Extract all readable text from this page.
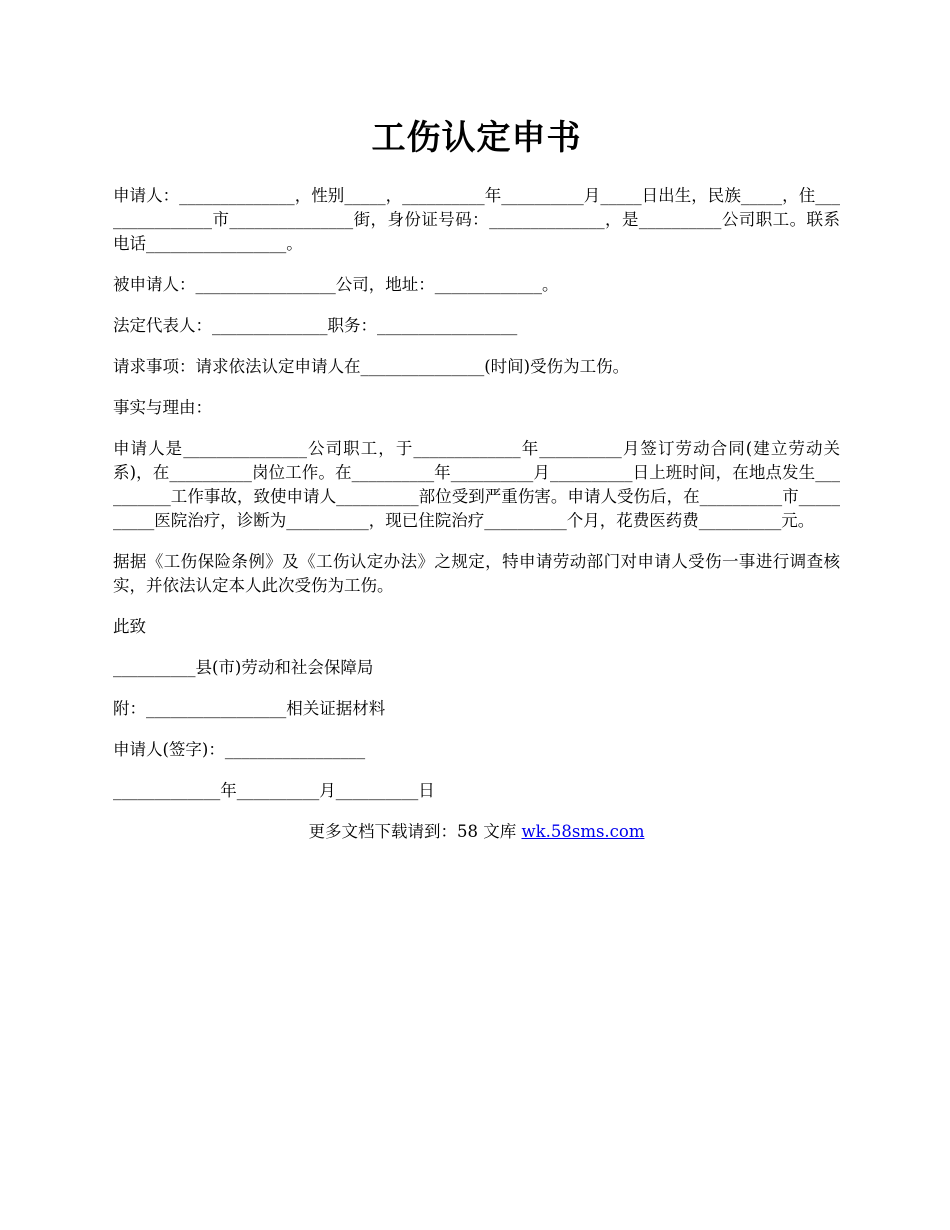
工伤认定申书

申请人：______________，性别_____，__________年__________月_____日出生，民族_____，住_______________市_______________街，身份证号码：______________，是__________公司职工。联系电话_________________。

被申请人：_________________公司，地址：_____________。

法定代表人：______________职务：_________________

请求事项：请求依法认定申请人在_______________(时间)受伤为工伤。

事实与理由：

申请人是_______________公司职工，于_____________年__________月签订劳动合同(建立劳动关系)，在__________岗位工作。在__________年__________月__________日上班时间，在地点发生__________工作事故，致使申请人__________部位受到严重伤害。申请人受伤后，在__________市__________医院治疗，诊断为__________，现已住院治疗__________个月，花费医药费__________元。

据据《工伤保险条例》及《工伤认定办法》之规定，特申请劳动部门对申请人受伤一事进行调查核实，并依法认定本人此次受伤为工伤。

此致

__________县(市)劳动和社会保障局

附：_________________相关证据材料

申请人(签字)：_________________

_____________年__________月__________日

更多文档下载请到：58 文库 wk.58sms.com
